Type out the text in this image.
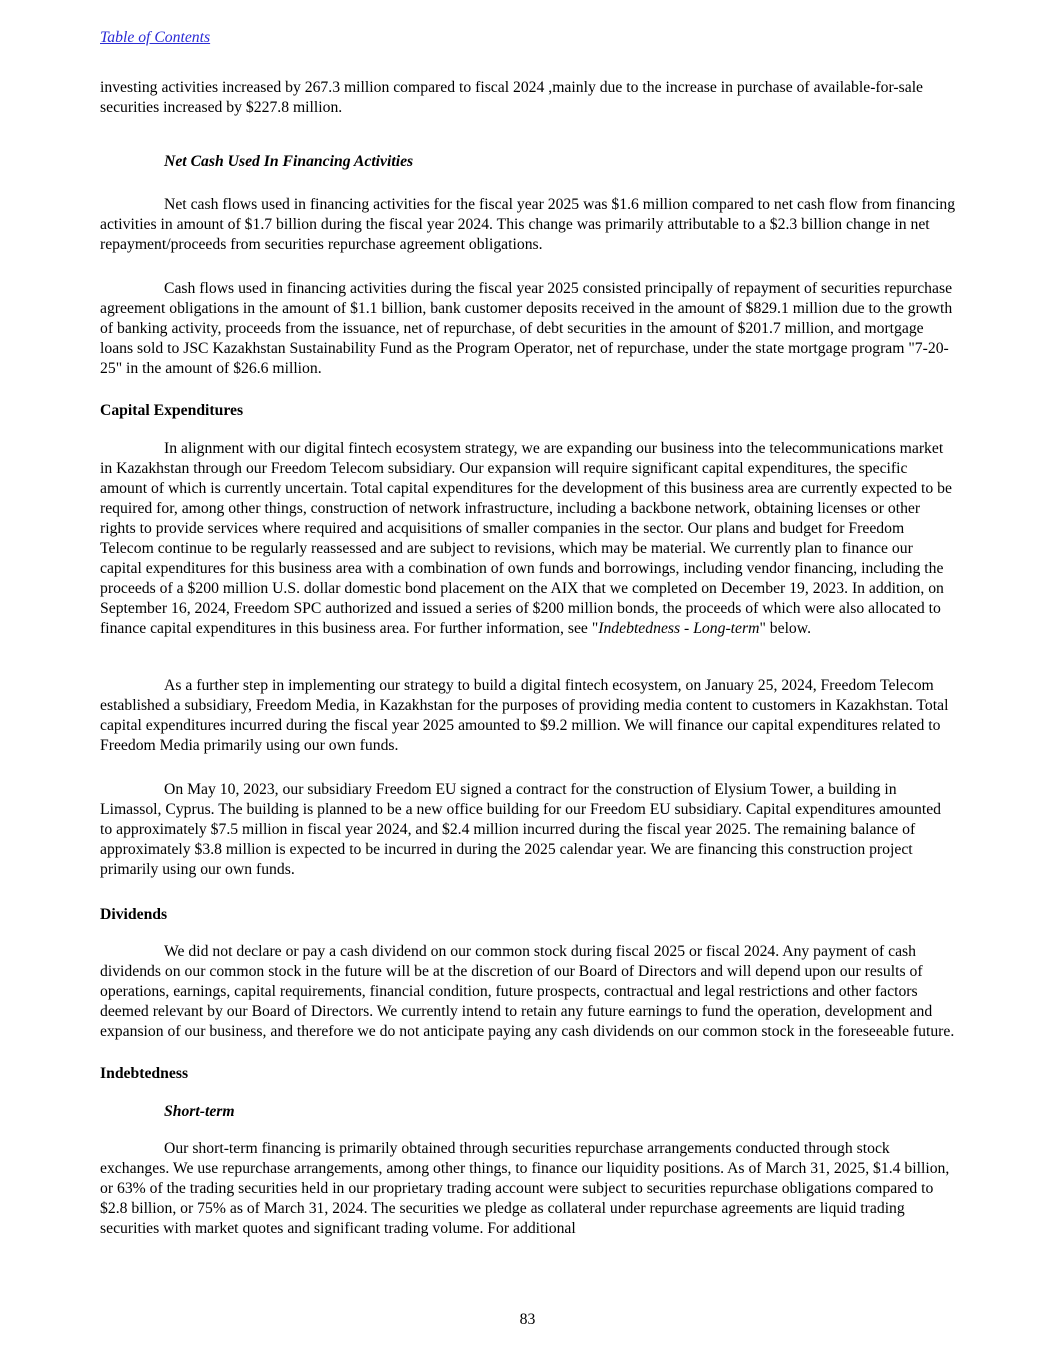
Table of Contents

investing activities increased by 267.3 million compared to fiscal 2024 ,mainly due to the increase in purchase of available-for-sale securities increased by $227.8 million.

Net Cash Used In Financing Activities

Net cash flows used in financing activities for the fiscal year 2025 was $1.6 million compared to net cash flow from financing activities in amount of $1.7 billion during the fiscal year 2024. This change was primarily attributable to a $2.3 billion change in net repayment/proceeds from securities repurchase agreement obligations.

Cash flows used in financing activities during the fiscal year 2025 consisted principally of repayment of securities repurchase agreement obligations in the amount of $1.1 billion, bank customer deposits received in the amount of $829.1 million due to the growth of banking activity, proceeds from the issuance, net of repurchase, of debt securities in the amount of $201.7 million, and mortgage loans sold to JSC Kazakhstan Sustainability Fund as the Program Operator, net of repurchase, under the state mortgage program "7-20-25" in the amount of $26.6 million.

Capital Expenditures

In alignment with our digital fintech ecosystem strategy, we are expanding our business into the telecommunications market in Kazakhstan through our Freedom Telecom subsidiary. Our expansion will require significant capital expenditures, the specific amount of which is currently uncertain. Total capital expenditures for the development of this business area are currently expected to be required for, among other things, construction of network infrastructure, including a backbone network, obtaining licenses or other rights to provide services where required and acquisitions of smaller companies in the sector. Our plans and budget for Freedom Telecom continue to be regularly reassessed and are subject to revisions, which may be material. We currently plan to finance our capital expenditures for this business area with a combination of own funds and borrowings, including vendor financing, including the proceeds of a $200 million U.S. dollar domestic bond placement on the AIX that we completed on December 19, 2023. In addition, on September 16, 2024, Freedom SPC authorized and issued a series of $200 million bonds, the proceeds of which were also allocated to finance capital expenditures in this business area. For further information, see "Indebtedness - Long-term" below.

As a further step in implementing our strategy to build a digital fintech ecosystem, on January 25, 2024, Freedom Telecom established a subsidiary, Freedom Media, in Kazakhstan for the purposes of providing media content to customers in Kazakhstan. Total capital expenditures incurred during the fiscal year 2025 amounted to $9.2 million. We will finance our capital expenditures related to Freedom Media primarily using our own funds.

On May 10, 2023, our subsidiary Freedom EU signed a contract for the construction of Elysium Tower, a building in Limassol, Cyprus. The building is planned to be a new office building for our Freedom EU subsidiary. Capital expenditures amounted to approximately $7.5 million in fiscal year 2024, and $2.4 million incurred during the fiscal year 2025. The remaining balance of approximately $3.8 million is expected to be incurred in during the 2025 calendar year. We are financing this construction project primarily using our own funds.

Dividends

We did not declare or pay a cash dividend on our common stock during fiscal 2025 or fiscal 2024. Any payment of cash dividends on our common stock in the future will be at the discretion of our Board of Directors and will depend upon our results of operations, earnings, capital requirements, financial condition, future prospects, contractual and legal restrictions and other factors deemed relevant by our Board of Directors. We currently intend to retain any future earnings to fund the operation, development and expansion of our business, and therefore we do not anticipate paying any cash dividends on our common stock in the foreseeable future.

Indebtedness
Short-term

Our short-term financing is primarily obtained through securities repurchase arrangements conducted through stock exchanges. We use repurchase arrangements, among other things, to finance our liquidity positions. As of March 31, 2025, $1.4 billion, or 63% of the trading securities held in our proprietary trading account were subject to securities repurchase obligations compared to $2.8 billion, or 75% as of March 31, 2024. The securities we pledge as collateral under repurchase agreements are liquid trading securities with market quotes and significant trading volume. For additional

83
